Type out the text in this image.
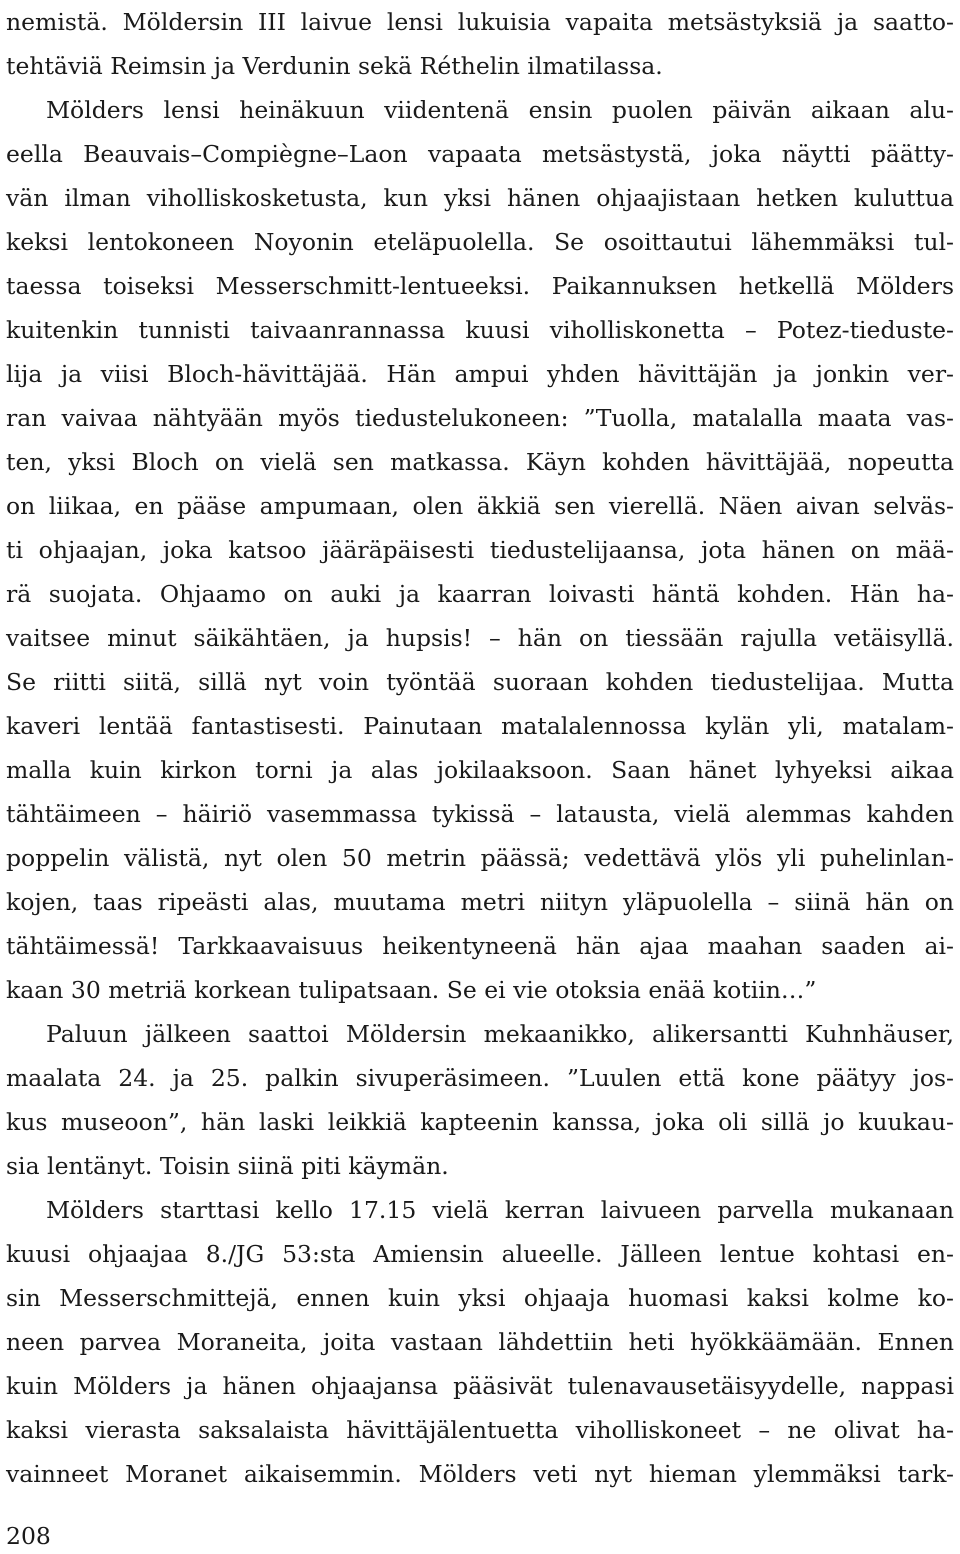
nemistä. Möldersin III laivue lensi lukuisia vapaita metsästyksiä ja saatto-
tehtäviä Reimsin ja Verdunin sekä Réthelin ilmatilassa.
Mölders lensi heinäkuun viidentenä ensin puolen päivän aikaan alu-
eella Beauvais–Compiègne–Laon vapaata metsästystä, joka näytti päätty-
vän ilman viholliskosketusta, kun yksi hänen ohjaajistaan hetken kuluttua
keksi lentokoneen Noyonin eteläpuolella. Se osoittautui lähemmäksi tul-
taessa toiseksi Messerschmitt-lentueeksi. Paikannuksen hetkellä Mölders
kuitenkin tunnisti taivaanrannassa kuusi viholliskonetta – Potez-tiedustе-
lija ja viisi Bloch-hävittäjää. Hän ampui yhden hävittäjän ja jonkin ver-
ran vaivaa nähtyään myös tiedustelukoneen: ”Tuolla, matalalla maata vas-
ten, yksi Bloch on vielä sen matkassa. Käyn kohden hävittäjää, nopeutta
on liikaa, en pääse ampumaan, olen äkkiä sen vierellä. Näen aivan selväs-
ti ohjaajan, joka katsoo jääräpäisesti tiedustelijaansa, jota hänen on mää-
rä suojata. Ohjaamo on auki ja kaarran loivasti häntä kohden. Hän ha-
vaitsee minut säikähtäen, ja hupsis! – hän on tiessään rajulla vetäisyllä.
Se riitti siitä, sillä nyt voin työntää suoraan kohden tiedustelijaa. Mutta
kaveri lentää fantastisesti. Painutaan matalalennossa kylän yli, matalam-
malla kuin kirkon torni ja alas jokilaaksoon. Saan hänet lyhyeksi aikaa
tähtäimeen – häiriö vasemmassa tykissä – latausta, vielä alemmas kahden
poppelin välistä, nyt olen 50 metrin päässä; vedettävä ylös yli puhelinlan-
kojen, taas ripeästi alas, muutama metri niityn yläpuolella – siinä hän on
tähtäimessä! Tarkkaavaisuus heikentyneenä hän ajaa maahan saaden ai-
kaan 30 metriä korkean tulipatsaan. Se ei vie otoksia enää kotiin…”
Paluun jälkeen saattoi Möldersin mekaanikko, alikersantti Kuhnhäuser,
maalata 24. ja 25. palkin sivuperäsimeen. ”Luulen että kone päätyy jos-
kus museoon”, hän laski leikkiä kapteenin kanssa, joka oli sillä jo kuukau-
sia lentänyt. Toisin siinä piti käymän.
Mölders starttasi kello 17.15 vielä kerran laivueen parvella mukanaan
kuusi ohjaajaa 8./JG 53:sta Amiensin alueelle. Jälleen lentue kohtasi en-
sin Messerschmittejä, ennen kuin yksi ohjaaja huomasi kaksi kolme ko-
neen parvea Moraneita, joita vastaan lähdettiin heti hyökkäämään. Ennen
kuin Mölders ja hänen ohjaajansa pääsivät tulenavausetäisyydelle, nappasi
kaksi vierasta saksalaista hävittäjälentuetta viholliskoneet – ne olivat ha-
vainneet Moranet aikaisemmin. Mölders veti nyt hieman ylemmäksi tark-
208
